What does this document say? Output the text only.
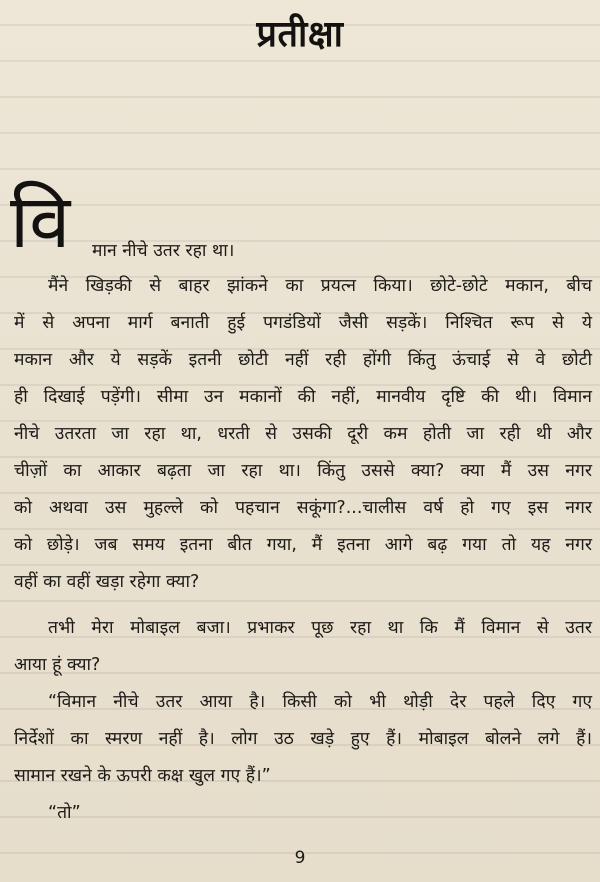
प्रतीक्षा
वि मान नीचे उतर रहा था।
मैंने खिड़की से बाहर झांकने का प्रयत्न किया। छोटे-छोटे मकान, बीच
में से अपना मार्ग बनाती हुई पगडंडियों जैसी सड़कें। निश्चित रूप से ये
मकान और ये सड़कें इतनी छोटी नहीं रही होंगी किंतु ऊंचाई से वे छोटी
ही दिखाई पड़ेंगी। सीमा उन मकानों की नहीं, मानवीय दृष्टि की थी। विमान
नीचे उतरता जा रहा था, धरती से उसकी दूरी कम होती जा रही थी और
चीज़ों का आकार बढ़ता जा रहा था। किंतु उससे क्या? क्या मैं उस नगर
को अथवा उस मुहल्ले को पहचान सकूंगा?...चालीस वर्ष हो गए इस नगर
को छोड़े। जब समय इतना बीत गया, मैं इतना आगे बढ़ गया तो यह नगर
वहीं का वहीं खड़ा रहेगा क्या?
तभी मेरा मोबाइल बजा। प्रभाकर पूछ रहा था कि मैं विमान से उतर
आया हूं क्या?
“विमान नीचे उतर आया है। किसी को भी थोड़ी देर पहले दिए गए
निर्देशों का स्मरण नहीं है। लोग उठ खड़े हुए हैं। मोबाइल बोलने लगे हैं।
सामान रखने के ऊपरी कक्ष खुल गए हैं।”
“तो”
9
